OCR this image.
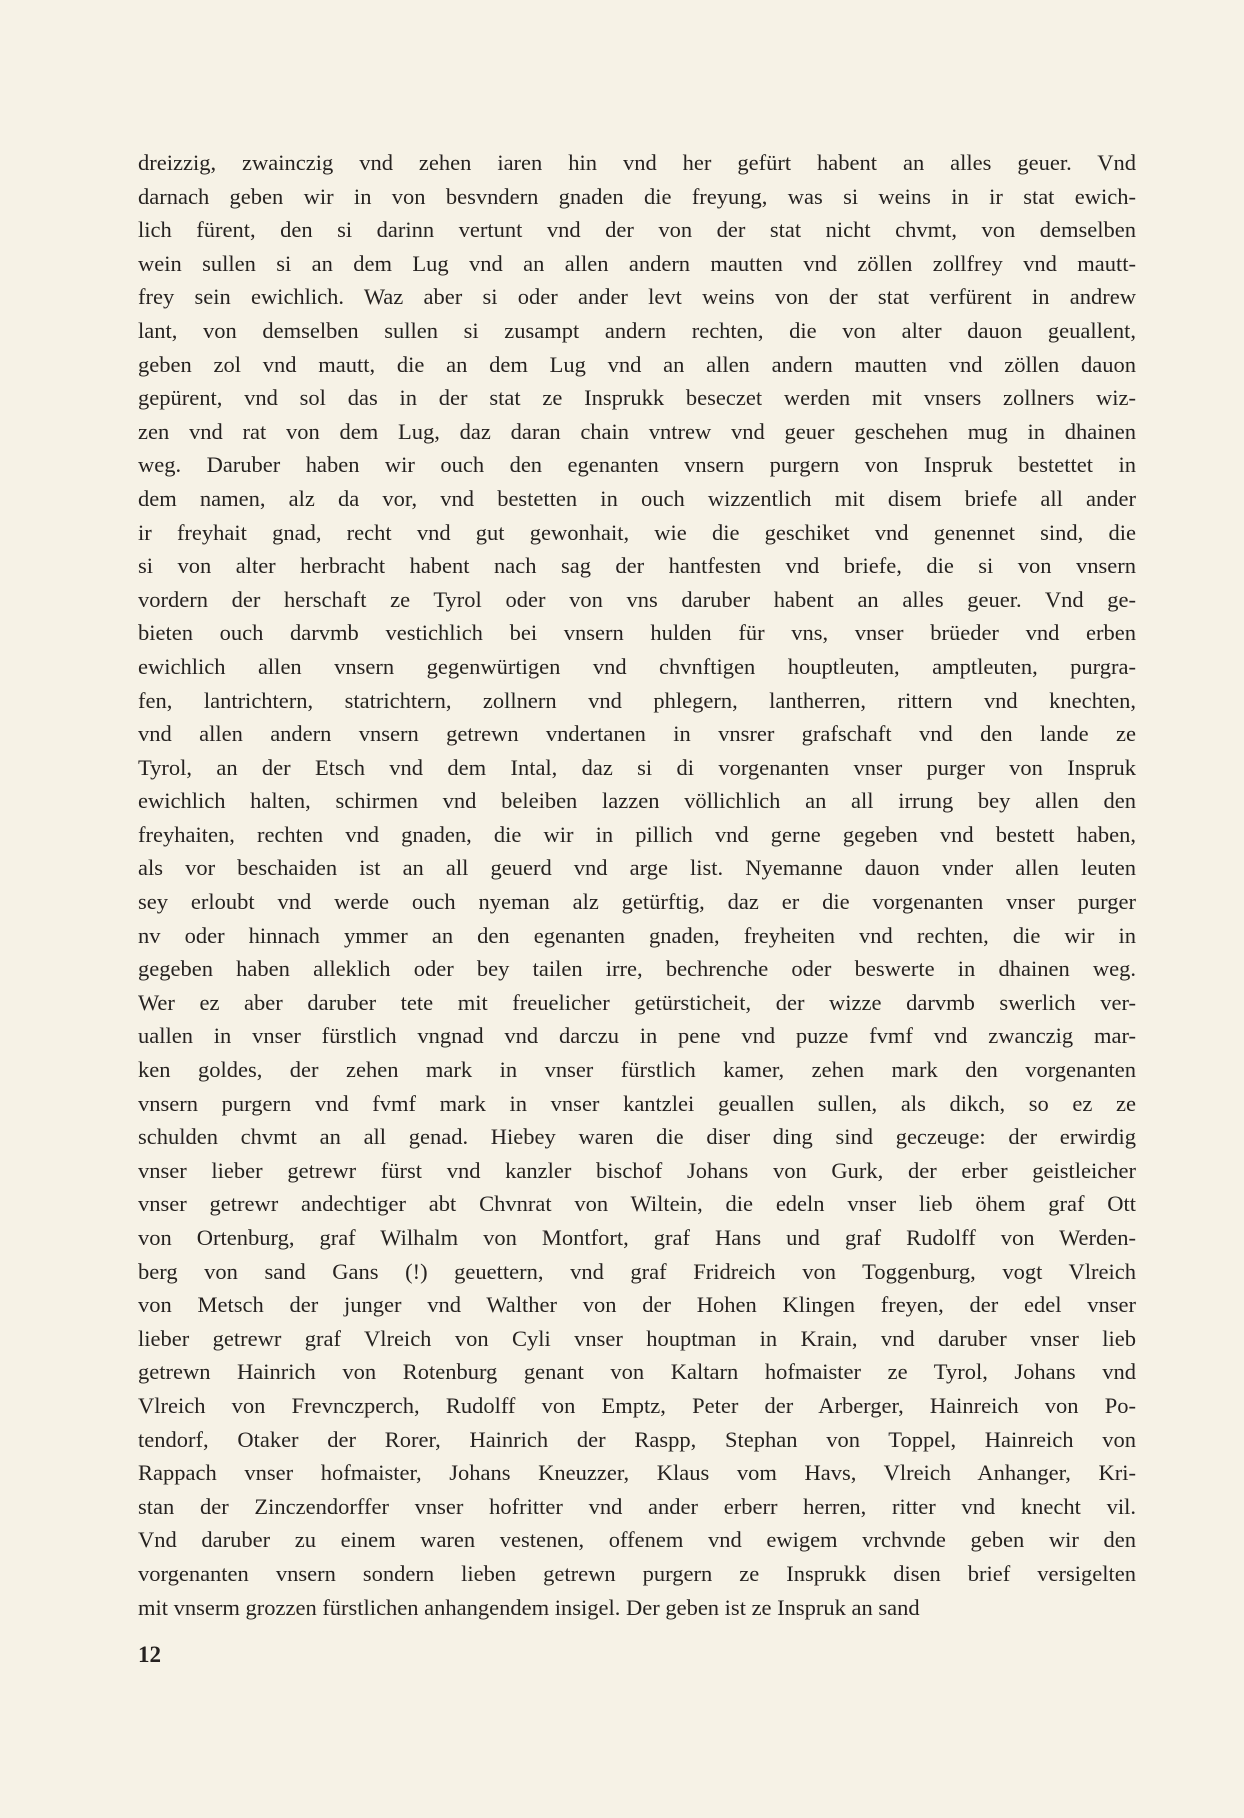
dreizzig, zwainczig vnd zehen iaren hin vnd her gefürt habent an alles geuer. Vnd
darnach geben wir in von besvndern gnaden die freyung, was si weins in ir stat ewich-
lich fürent, den si darinn vertunt vnd der von der stat nicht chvmt, von demselben
wein sullen si an dem Lug vnd an allen andern mautten vnd zöllen zollfrey vnd mautt-
frey sein ewichlich. Waz aber si oder ander levt weins von der stat verfürent in andrew
lant, von demselben sullen si zusampt andern rechten, die von alter dauon geuallent,
geben zol vnd mautt, die an dem Lug vnd an allen andern mautten vnd zöllen dauon
gepürent, vnd sol das in der stat ze Insprukk beseczet werden mit vnsers zollners wiz-
zen vnd rat von dem Lug, daz daran chain vntrew vnd geuer geschehen mug in dhainen
weg. Daruber haben wir ouch den egenanten vnsern purgern von Inspruk bestettet in
dem namen, alz da vor, vnd bestetten in ouch wizzentlich mit disem briefe all ander
ir freyhait gnad, recht vnd gut gewonhait, wie die geschiket vnd genennet sind, die
si von alter herbracht habent nach sag der hantfesten vnd briefe, die si von vnsern
vordern der herschaft ze Tyrol oder von vns daruber habent an alles geuer. Vnd ge-
bieten ouch darvmb vestichlich bei vnsern hulden für vns, vnser brüeder vnd erben
ewichlich allen vnsern gegenwürtigen vnd chvnftigen houptleuten, amptleuten, purgra-
fen, lantrichtern, statrichtern, zollnern vnd phlegern, lantherren, rittern vnd knechten,
vnd allen andern vnsern getrewn vndertanen in vnsrer grafschaft vnd den lande ze
Tyrol, an der Etsch vnd dem Intal, daz si di vorgenanten vnser purger von Inspruk
ewichlich halten, schirmen vnd beleiben lazzen völlichlich an all irrung bey allen den
freyhaiten, rechten vnd gnaden, die wir in pillich vnd gerne gegeben vnd bestett haben,
als vor beschaiden ist an all geuerd vnd arge list. Nyemanne dauon vnder allen leuten
sey erloubt vnd werde ouch nyeman alz getürftig, daz er die vorgenanten vnser purger
nv oder hinnach ymmer an den egenanten gnaden, freyheiten vnd rechten, die wir in
gegeben haben alleklich oder bey tailen irre, bechrenche oder beswerte in dhainen weg.
Wer ez aber daruber tete mit freuelicher getürsticheit, der wizze darvmb swerlich ver-
uallen in vnser fürstlich vngnad vnd darczu in pene vnd puzze fvmf vnd zwanczig mar-
ken goldes, der zehen mark in vnser fürstlich kamer, zehen mark den vorgenanten
vnsern purgern vnd fvmf mark in vnser kantzlei geuallen sullen, als dikch, so ez ze
schulden chvmt an all genad. Hiebey waren die diser ding sind geczeuge: der erwirdig
vnser lieber getrewr fürst vnd kanzler bischof Johans von Gurk, der erber geistleicher
vnser getrewr andechtiger abt Chvnrat von Wiltein, die edeln vnser lieb öhem graf Ott
von Ortenburg, graf Wilhalm von Montfort, graf Hans und graf Rudolff von Werden-
berg von sand Gans (!) geuettern, vnd graf Fridreich von Toggenburg, vogt Vlreich
von Metsch der junger vnd Walther von der Hohen Klingen freyen, der edel vnser
lieber getrewr graf Vlreich von Cyli vnser houptman in Krain, vnd daruber vnser lieb
getrewn Hainrich von Rotenburg genant von Kaltarn hofmaister ze Tyrol, Johans vnd
Vlreich von Frevnczperch, Rudolff von Emptz, Peter der Arberger, Hainreich von Po-
tendorf, Otaker der Rorer, Hainrich der Raspp, Stephan von Toppel, Hainreich von
Rappach vnser hofmaister, Johans Kneuzzer, Klaus vom Havs, Vlreich Anhanger, Kri-
stan der Zinczendorffer vnser hofritter vnd ander erberr herren, ritter vnd knecht vil.
Vnd daruber zu einem waren vestenen, offenem vnd ewigem vrchvnde geben wir den
vorgenanten vnsern sondern lieben getrewn purgern ze Insprukk disen brief versigelten
mit vnserm grozzen fürstlichen anhangendem insigel. Der geben ist ze Inspruk an sand
12
